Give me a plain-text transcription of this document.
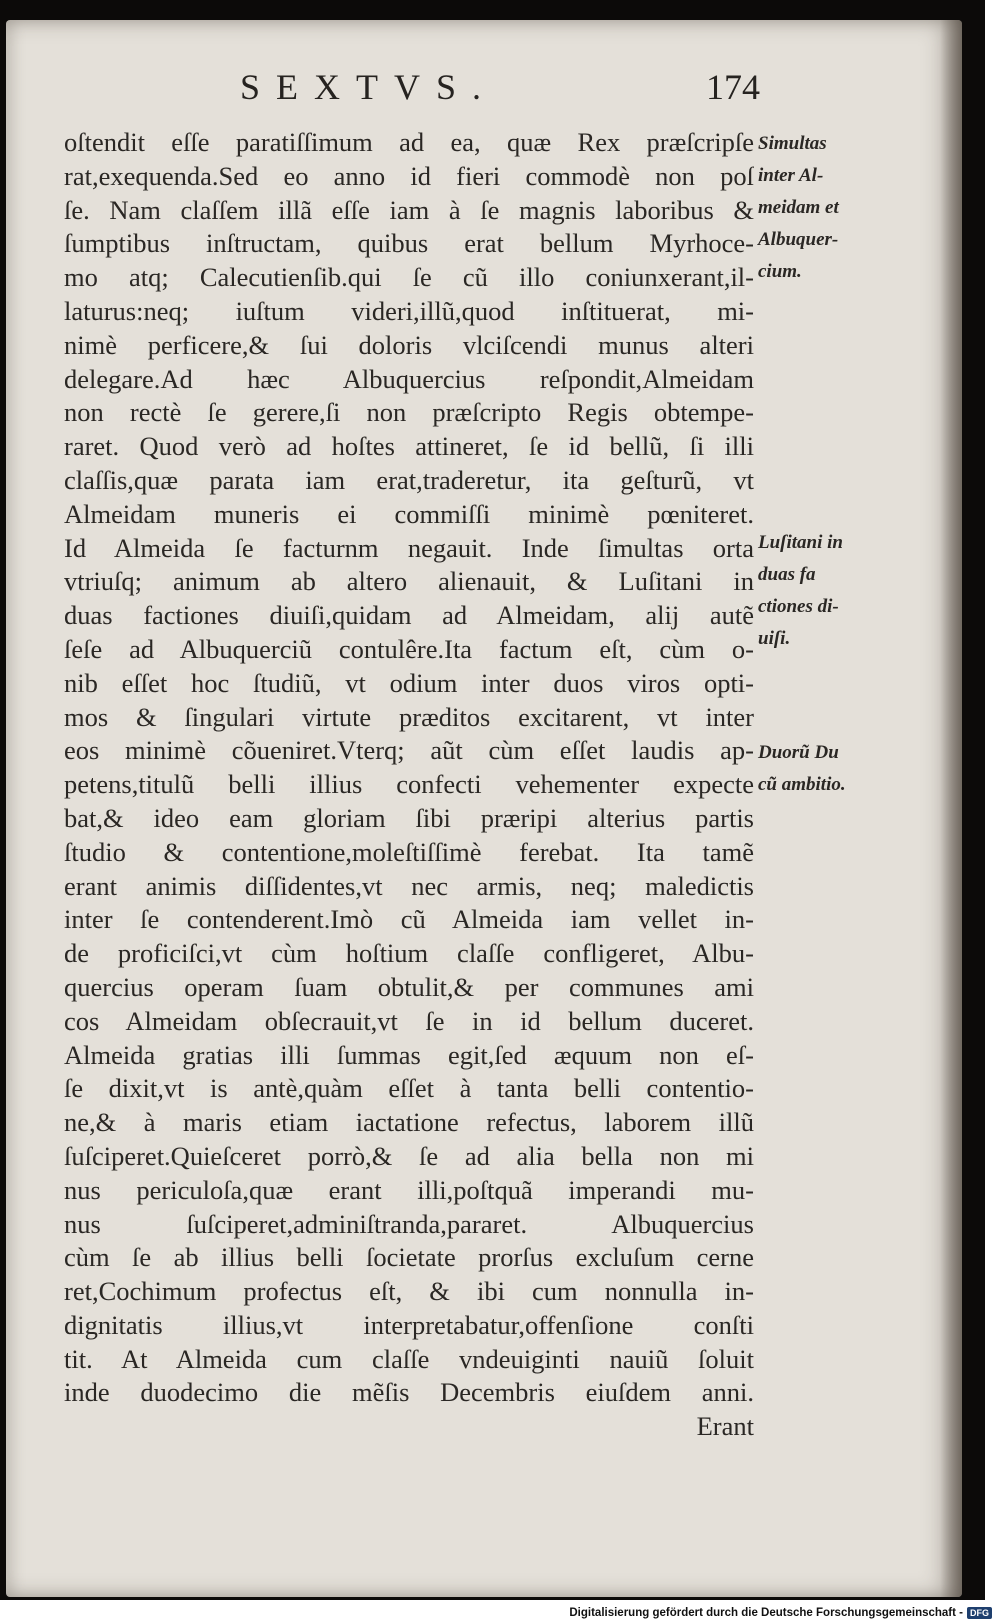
SEXTVS.	174
oſtendit eſſe paratiſſimum ad ea, quæ Rex præſcripſe
rat,exequenda.Sed eo anno id fieri commodè non poſ
ſe. Nam claſſem illã eſſe iam à ſe magnis laboribus &
ſumptibus inſtructam, quibus erat bellum Myrhoce-
mo atq; Calecutienſib.qui ſe cũ illo coniunxerant,il-
laturus:neq; iuſtum videri,illũ,quod inſtituerat, mi-
nimè perficere,& ſui doloris vlciſcendi munus alteri
delegare.Ad hæc Albuquercius reſpondit,Almeidam
non rectè ſe gerere,ſi non præſcripto Regis obtempe-
raret. Quod verò ad hoſtes attineret, ſe id bellũ, ſi illi
claſſis,quæ parata iam erat,traderetur, ita geſturũ, vt
Almeidam muneris ei commiſſi minimè pœniteret.
Id Almeida ſe facturnm negauit. Inde ſimultas orta
vtriuſq; animum ab altero alienauit, & Luſitani in
duas factiones diuiſi,quidam ad Almeidam, alij autẽ
ſeſe ad Albuquerciũ contulêre.Ita factum eſt, cùm o-
nib eſſet hoc ſtudiũ, vt odium inter duos viros opti-
mos & ſingulari virtute præditos excitarent, vt inter
eos minimè cõueniret.Vterq; aũt cùm eſſet laudis ap-
petens,titulũ belli illius confecti vehementer expecte
bat,& ideo eam gloriam ſibi præripi alterius partis
ſtudio & contentione,moleſtiſſimè ferebat. Ita tamẽ
erant animis diſſidentes,vt nec armis, neq; maledictis
inter ſe contenderent.Imò cũ Almeida iam vellet in-
de proficiſci,vt cùm hoſtium claſſe confligeret, Albu-
quercius operam ſuam obtulit,& per communes ami
cos Almeidam obſecrauit,vt ſe in id bellum duceret.
Almeida gratias illi ſummas egit,ſed æquum non eſ-
ſe dixit,vt is antè,quàm eſſet à tanta belli contentio-
ne,& à maris etiam iactatione refectus, laborem illũ
ſuſciperet.Quieſceret porrò,& ſe ad alia bella non mi
nus periculoſa,quæ erant illi,poſtquã imperandi mu-
nus ſuſciperet,adminiſtranda,pararet. Albuquercius
cùm ſe ab illius belli ſocietate prorſus excluſum cerne
ret,Cochimum profectus eſt, & ibi cum nonnulla in-
dignitatis illius,vt interpretabatur,offenſione conſti
tit. At Almeida cum claſſe vndeuiginti nauiũ ſoluit
inde duodecimo die mẽſis Decembris eiuſdem anni.
Simultas
inter Al-
meidam et
Albuquer-
cium.
Luſitani in
duas fa
ctiones di-
uiſi.
Duorũ Du
cũ ambitio.
Erant
Digitalisierung gefördert durch die Deutsche Forschungsgemeinschaft - DFG
